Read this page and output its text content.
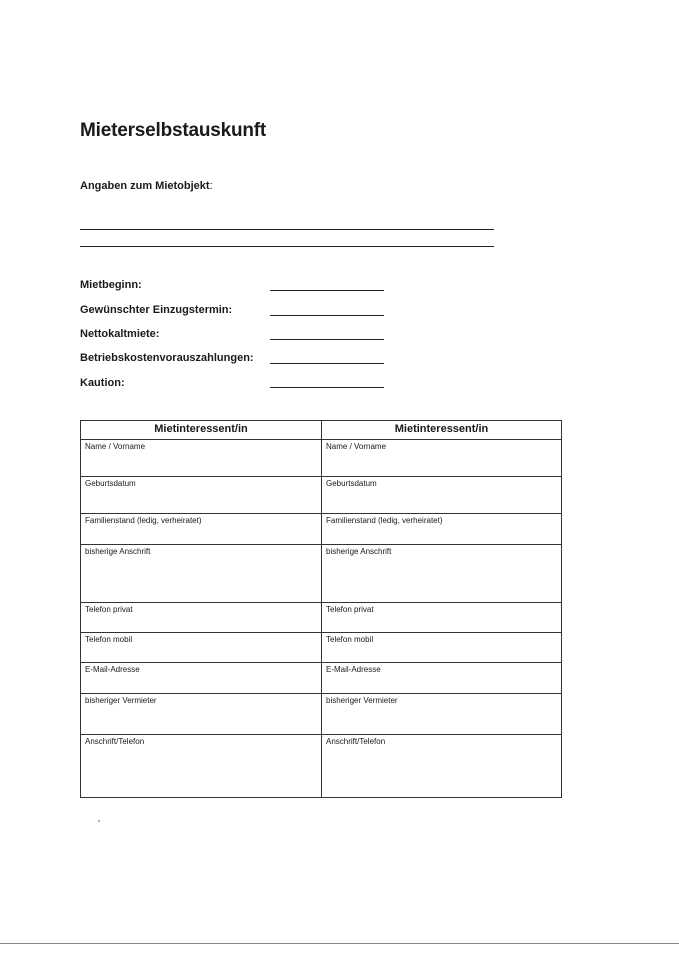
Mieterselbstauskunft
Angaben zum Mietobjekt:
Mietbeginn:
Gewünschter Einzugstermin:
Nettokaltmiete:
Betriebskostenvorauszahlungen:
Kaution:
Mietinteressent/in	Mietinteressent/in
Name / Vorname	Name / Vorname
Geburtsdatum	Geburtsdatum
Familienstand (ledig, verheiratet)	Familienstand (ledig, verheiratet)
bisherige Anschrift	bisherige Anschrift
Telefon privat	Telefon privat
Telefon mobil	Telefon mobil
E-Mail-Adresse	E-Mail-Adresse
bisheriger Vermieter	bisheriger Vermieter
Anschrift/Telefon	Anschrift/Telefon
